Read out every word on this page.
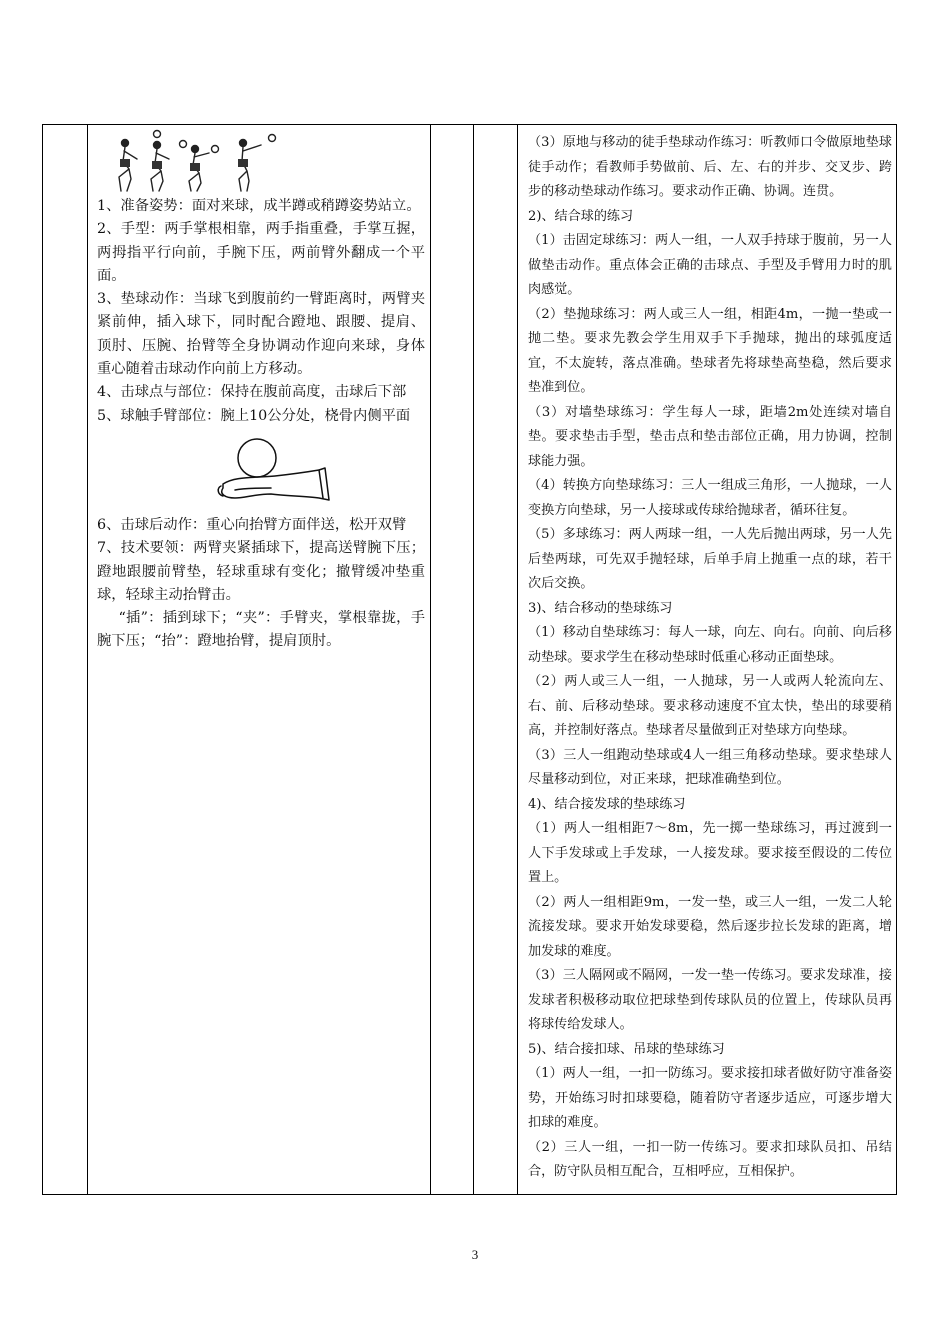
1、准备姿势：面对来球，成半蹲或稍蹲姿势站立。

2、手型：两手掌根相靠，两手指重叠，手掌互握，两拇指平行向前，手腕下压，两前臂外翻成一个平面。

3、垫球动作：当球飞到腹前约一臂距离时，两臂夹紧前伸，插入球下，同时配合蹬地、跟腰、提肩、顶肘、压腕、抬臂等全身协调动作迎向来球，身体重心随着击球动作向前上方移动。

4、击球点与部位：保持在腹前高度，击球后下部

5、球触手臂部位：腕上10公分处，桡骨内侧平面

6、击球后动作：重心向抬臂方面伴送，松开双臂

7、技术要领：两臂夹紧插球下，提高送臂腕下压；蹬地跟腰前臂垫，轻球重球有变化；撤臂缓冲垫重球，轻球主动抬臂击。

“插”：插到球下；“夹”：手臂夹，掌根靠拢，手腕下压；“抬”：蹬地抬臂，提肩顶肘。

（3）原地与移动的徒手垫球动作练习：听教师口令做原地垫球徒手动作；看教师手势做前、后、左、右的并步、交叉步、跨步的移动垫球动作练习。要求动作正确、协调。连贯。

2)、结合球的练习

（1）击固定球练习：两人一组，一人双手持球于腹前，另一人做垫击动作。重点体会正确的击球点、手型及手臂用力时的肌肉感觉。

（2）垫抛球练习：两人或三人一组，相距4m，一抛一垫或一抛二垫。要求先教会学生用双手下手抛球，抛出的球弧度适宜，不太旋转，落点准确。垫球者先将球垫高垫稳，然后要求垫准到位。

（3）对墙垫球练习：学生每人一球，距墙2m处连续对墙自垫。要求垫击手型，垫击点和垫击部位正确，用力协调，控制球能力强。

（4）转换方向垫球练习：三人一组成三角形，一人抛球，一人变换方向垫球，另一人接球或传球给抛球者，循环往复。

（5）多球练习：两人两球一组，一人先后抛出两球，另一人先后垫两球，可先双手抛轻球，后单手肩上抛重一点的球，若干次后交换。

3)、结合移动的垫球练习

（1）移动自垫球练习：每人一球，向左、向右。向前、向后移动垫球。要求学生在移动垫球时低重心移动正面垫球。

（2）两人或三人一组，一人抛球，另一人或两人轮流向左、右、前、后移动垫球。要求移动速度不宜太快，垫出的球要稍高，并控制好落点。垫球者尽量做到正对垫球方向垫球。

（3）三人一组跑动垫球或4人一组三角移动垫球。要求垫球人尽量移动到位，对正来球，把球准确垫到位。

4)、结合接发球的垫球练习

（1）两人一组相距7～8m，先一掷一垫球练习，再过渡到一人下手发球或上手发球，一人接发球。要求接至假设的二传位置上。

（2）两人一组相距9m，一发一垫，或三人一组，一发二人轮流接发球。要求开始发球要稳，然后逐步拉长发球的距离，增加发球的难度。

（3）三人隔网或不隔网，一发一垫一传练习。要求发球准，接发球者积极移动取位把球垫到传球队员的位置上，传球队员再将球传给发球人。

5)、结合接扣球、吊球的垫球练习

（1）两人一组，一扣一防练习。要求接扣球者做好防守准备姿势，开始练习时扣球要稳，随着防守者逐步适应，可逐步增大扣球的难度。

（2）三人一组，一扣一防一传练习。要求扣球队员扣、吊结合，防守队员相互配合，互相呼应，互相保护。

3
